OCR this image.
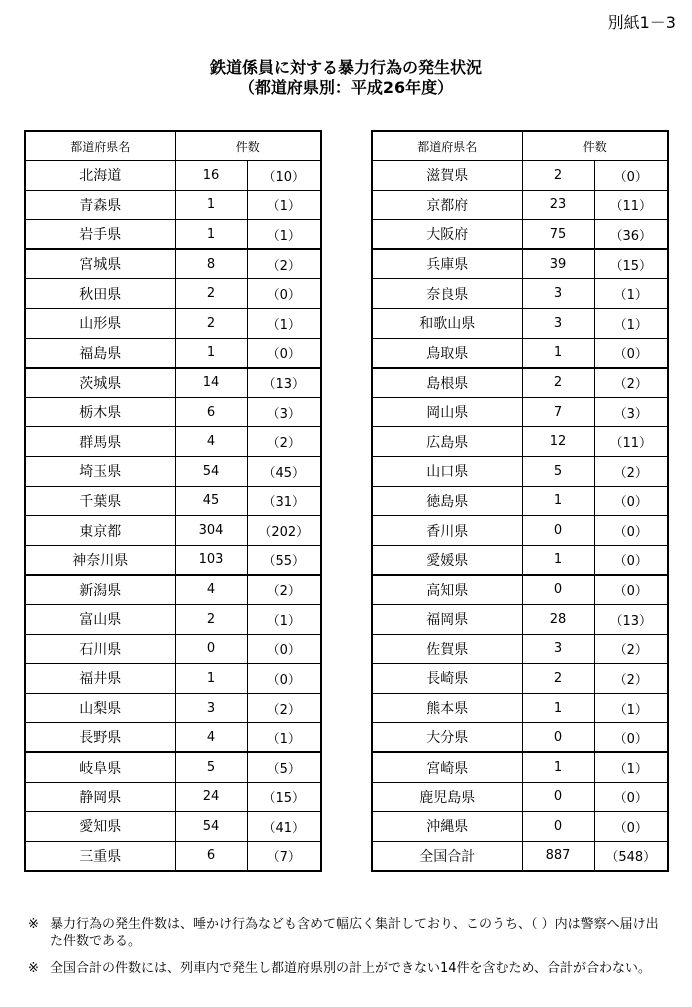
別紙1－3
鉄道係員に対する暴力行為の発生状況
（都道府県別：平成26年度）
都道府県名	件数	
北海道	16	（10）
青森県	1	（1）
岩手県	1	（1）
宮城県	8	（2）
秋田県	2	（0）
山形県	2	（1）
福島県	1	（0）
茨城県	14	（13）
栃木県	6	（3）
群馬県	4	（2）
埼玉県	54	（45）
千葉県	45	（31）
東京都	304	（202）
神奈川県	103	（55）
新潟県	4	（2）
富山県	2	（1）
石川県	0	（0）
福井県	1	（0）
山梨県	3	（2）
長野県	4	（1）
岐阜県	5	（5）
静岡県	24	（15）
愛知県	54	（41）
三重県	6	（7）
都道府県名	件数	
滋賀県	2	（0）
京都府	23	（11）
大阪府	75	（36）
兵庫県	39	（15）
奈良県	3	（1）
和歌山県	3	（1）
鳥取県	1	（0）
島根県	2	（2）
岡山県	7	（3）
広島県	12	（11）
山口県	5	（2）
徳島県	1	（0）
香川県	0	（0）
愛媛県	1	（0）
高知県	0	（0）
福岡県	28	（13）
佐賀県	3	（2）
長崎県	2	（2）
熊本県	1	（1）
大分県	0	（0）
宮崎県	1	（1）
鹿児島県	0	（0）
沖縄県	0	（0）
全国合計	887	（548）
※ 暴力行為の発生件数は、唾かけ行為なども含めて幅広く集計しており、このうち、（ ）内は警察へ届け出た件数である。
※ 全国合計の件数には、列車内で発生し都道府県別の計上ができない14件を含むため、合計が合わない。
